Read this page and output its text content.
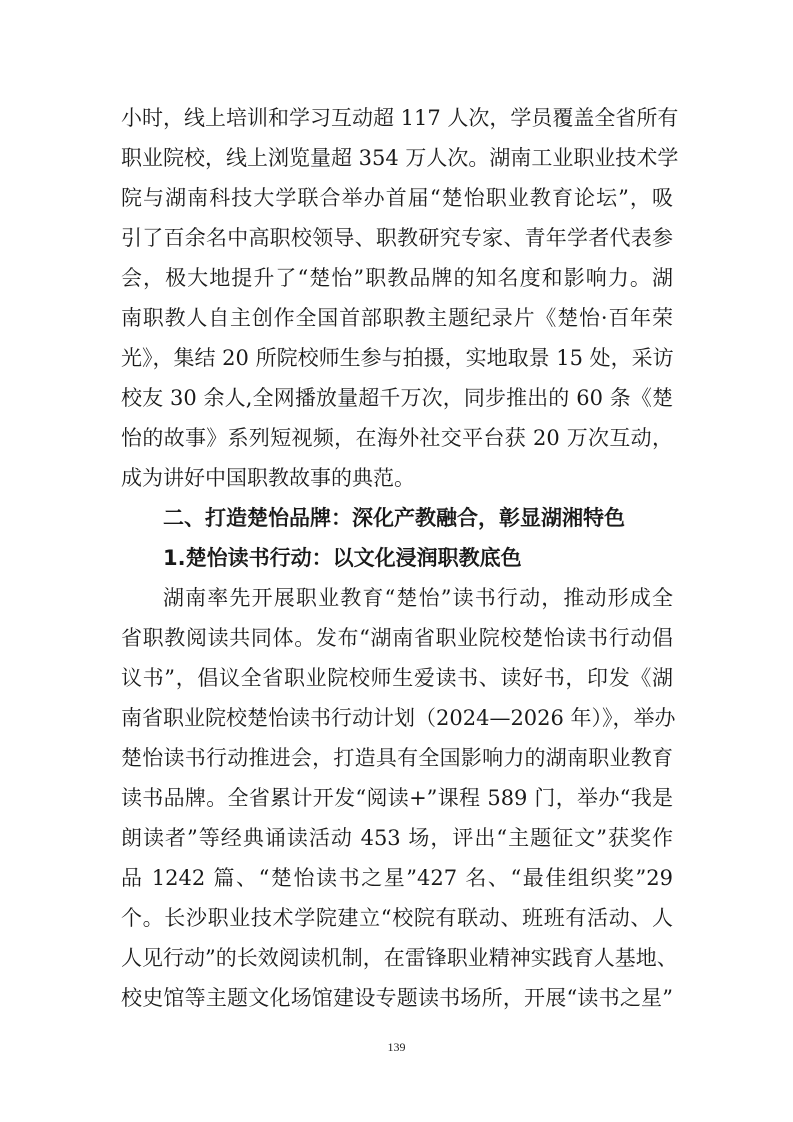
小时，线上培训和学习互动超 117 人次，学员覆盖全省所有
职业院校，线上浏览量超 354 万人次。湖南工业职业技术学
院与湖南科技大学联合举办首届“楚怡职业教育论坛”，吸
引了百余名中高职校领导、职教研究专家、青年学者代表参
会，极大地提升了“楚怡”职教品牌的知名度和影响力。湖
南职教人自主创作全国首部职教主题纪录片《楚怡·百年荣
光》，集结 20 所院校师生参与拍摄，实地取景 15 处，采访
校友 30 余人,全网播放量超千万次，同步推出的 60 条《楚
怡的故事》系列短视频，在海外社交平台获 20 万次互动，
成为讲好中国职教故事的典范。
二、打造楚怡品牌：深化产教融合，彰显湖湘特色
1.楚怡读书行动：以文化浸润职教底色
湖南率先开展职业教育“楚怡”读书行动，推动形成全
省职教阅读共同体。发布“湖南省职业院校楚怡读书行动倡
议书”，倡议全省职业院校师生爱读书、读好书，印发《湖
南省职业院校楚怡读书行动计划（2024—2026 年）》，举办
楚怡读书行动推进会，打造具有全国影响力的湖南职业教育
读书品牌。全省累计开发“阅读+”课程 589 门，举办“我是
朗读者”等经典诵读活动 453 场，评出“主题征文”获奖作
品 1242 篇、“楚怡读书之星”427 名、“最佳组织奖”29
个。长沙职业技术学院建立“校院有联动、班班有活动、人
人见行动”的长效阅读机制，在雷锋职业精神实践育人基地、
校史馆等主题文化场馆建设专题读书场所，开展“读书之星”
139
